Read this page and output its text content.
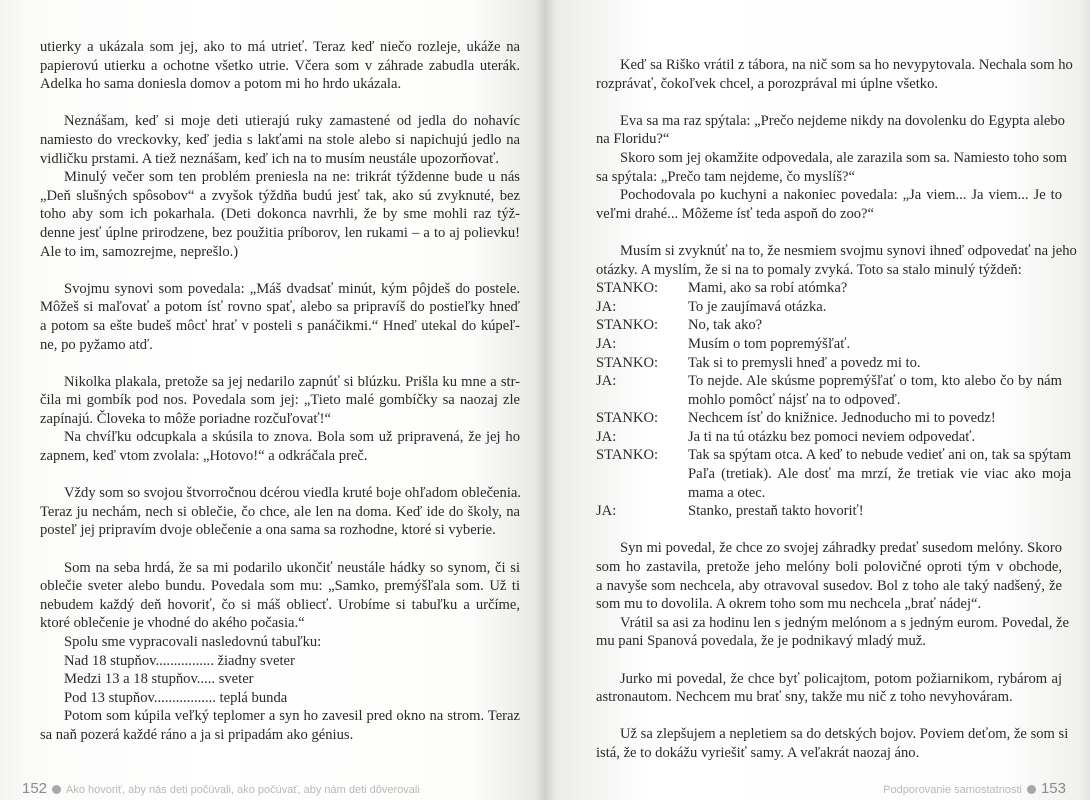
utierky a ukázala som jej, ako to má utrieť. Teraz keď niečo rozleje, ukáže na
papierovú utierku a ochotne všetko utrie. Včera som v záhrade zabudla uterák.
Adelka ho sama doniesla domov a potom mi ho hrdo ukázala.
Neznášam, keď si moje deti utierajú ruky zamastené od jedla do nohavíc
namiesto do vreckovky, keď jedia s lakťami na stole alebo si napichujú jedlo na
vidličku prstami. A tiež neznášam, keď ich na to musím neustále upozorňovať.
Minulý večer som ten problém preniesla na ne: trikrát týždenne bude u nás
„Deň slušných spôsobov“ a zvyšok týždňa budú jesť tak, ako sú zvyknuté, bez
toho aby som ich pokarhala. (Deti dokonca navrhli, že by sme mohli raz týž-
denne jesť úplne prirodzene, bez použitia príborov, len rukami – a to aj polievku!
Ale to im, samozrejme, neprešlo.)
Svojmu synovi som povedala: „Máš dvadsať minút, kým pôjdeš do postele.
Môžeš si maľovať a potom ísť rovno spať, alebo sa pripravíš do postieľky hneď
a potom sa ešte budeš môcť hrať v posteli s panáčikmi.“ Hneď utekal do kúpeľ-
ne, po pyžamo atď.
Nikolka plakala, pretože sa jej nedarilo zapnúť si blúzku. Prišla ku mne a str-
čila mi gombík pod nos. Povedala som jej: „Tieto malé gombíčky sa naozaj zle
zapínajú. Človeka to môže poriadne rozčuľovať!“
Na chvíľku odcupkala a skúsila to znova. Bola som už pripravená, že jej ho
zapnem, keď vtom zvolala: „Hotovo!“ a odkráčala preč.
Vždy som so svojou štvorročnou dcérou viedla kruté boje ohľadom oblečenia.
Teraz ju nechám, nech si oblečie, čo chce, ale len na doma. Keď ide do školy, na
posteľ jej pripravím dvoje oblečenie a ona sama sa rozhodne, ktoré si vyberie.
Som na seba hrdá, že sa mi podarilo ukončiť neustále hádky so synom, či si
oblečie sveter alebo bundu. Povedala som mu: „Samko, premýšľala som. Už ti
nebudem každý deň hovoriť, čo si máš obliecť. Urobíme si tabuľku a určíme,
ktoré oblečenie je vhodné do akého počasia.“
Spolu sme vypracovali nasledovnú tabuľku:
Nad 18 stupňov................ žiadny sveter
Medzi 13 a 18 stupňov..... sveter
Pod 13 stupňov................. teplá bunda
Potom som kúpila veľký teplomer a syn ho zavesil pred okno na strom. Teraz
sa naň pozerá každé ráno a ja si pripadám ako génius.
Keď sa Riško vrátil z tábora, na nič som sa ho nevypytovala. Nechala som ho
rozprávať, čokoľvek chcel, a porozprával mi úplne všetko.
Eva sa ma raz spýtala: „Prečo nejdeme nikdy na dovolenku do Egypta alebo
na Floridu?“
Skoro som jej okamžite odpovedala, ale zarazila som sa. Namiesto toho som
sa spýtala: „Prečo tam nejdeme, čo myslíš?“
Pochodovala po kuchyni a nakoniec povedala: „Ja viem... Ja viem... Je to
veľmi drahé... Môžeme ísť teda aspoň do zoo?“
Musím si zvyknúť na to, že nesmiem svojmu synovi ihneď odpovedať na jeho
otázky. A myslím, že si na to pomaly zvyká. Toto sa stalo minulý týždeň:
STANKO:	Mami, ako sa robí atómka?
JA:	To je zaujímavá otázka.
STANKO:	No, tak ako?
JA:	Musím o tom popremýšľať.
STANKO:	Tak si to premysli hneď a povedz mi to.
JA:	To nejde. Ale skúsme popremýšľať o tom, kto alebo čo by nám
mohlo pomôcť nájsť na to odpoveď.
STANKO:	Nechcem ísť do knižnice. Jednoducho mi to povedz!
JA:	Ja ti na tú otázku bez pomoci neviem odpovedať.
STANKO:	Tak sa spýtam otca. A keď to nebude vedieť ani on, tak sa spýtam
Paľa (tretiak). Ale dosť ma mrzí, že tretiak vie viac ako moja
mama a otec.
JA:	Stanko, prestaň takto hovoriť!
Syn mi povedal, že chce zo svojej záhradky predať susedom melóny. Skoro
som ho zastavila, pretože jeho melóny boli polovičné oproti tým v obchode,
a navyše som nechcela, aby otravoval susedov. Bol z toho ale taký nadšený, že
som mu to dovolila. A okrem toho som mu nechcela „brať nádej“.
Vrátil sa asi za hodinu len s jedným melónom a s jedným eurom. Povedal, že
mu pani Spanová povedala, že je podnikavý mladý muž.
Jurko mi povedal, že chce byť policajtom, potom požiarnikom, rybárom aj
astronautom. Nechcem mu brať sny, takže mu nič z toho nevyhováram.
Už sa zlepšujem a nepletiem sa do detských bojov. Poviem deťom, že som si
istá, že to dokážu vyriešiť samy. A veľakrát naozaj áno.
152 Ako hovoriť, aby nás deti počúvali, ako počúvať, aby nám deti dôverovali	Podporovanie samostatnosti 153
